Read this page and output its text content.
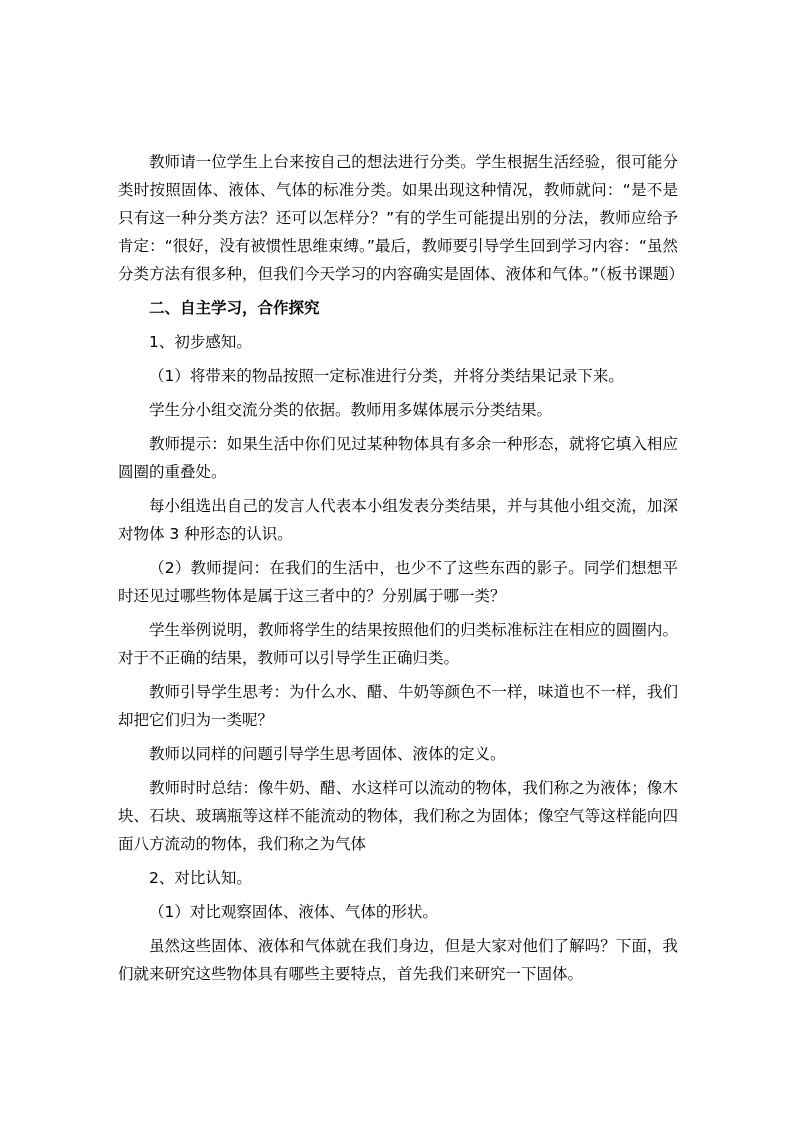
教师请一位学生上台来按自己的想法进行分类。学生根据生活经验，很可能分类时按照固体、液体、气体的标准分类。如果出现这种情况，教师就问：“是不是只有这一种分类方法？还可以怎样分？”有的学生可能提出别的分法，教师应给予肯定：“很好，没有被惯性思维束缚。”最后，教师要引导学生回到学习内容：“虽然分类方法有很多种，但我们今天学习的内容确实是固体、液体和气体。”（板书课题）

二、自主学习，合作探究

1、初步感知。

（1）将带来的物品按照一定标准进行分类，并将分类结果记录下来。

学生分小组交流分类的依据。教师用多媒体展示分类结果。

教师提示：如果生活中你们见过某种物体具有多余一种形态，就将它填入相应圆圈的重叠处。

每小组选出自己的发言人代表本小组发表分类结果，并与其他小组交流，加深对物体 3 种形态的认识。

（2）教师提问：在我们的生活中，也少不了这些东西的影子。同学们想想平时还见过哪些物体是属于这三者中的？分别属于哪一类？

学生举例说明，教师将学生的结果按照他们的归类标准标注在相应的圆圈内。对于不正确的结果，教师可以引导学生正确归类。

教师引导学生思考：为什么水、醋、牛奶等颜色不一样，味道也不一样，我们却把它们归为一类呢？

教师以同样的问题引导学生思考固体、液体的定义。

教师时时总结：像牛奶、醋、水这样可以流动的物体，我们称之为液体；像木块、石块、玻璃瓶等这样不能流动的物体，我们称之为固体；像空气等这样能向四面八方流动的物体，我们称之为气体

2、对比认知。

（1）对比观察固体、液体、气体的形状。

虽然这些固体、液体和气体就在我们身边，但是大家对他们了解吗？下面，我们就来研究这些物体具有哪些主要特点，首先我们来研究一下固体。
